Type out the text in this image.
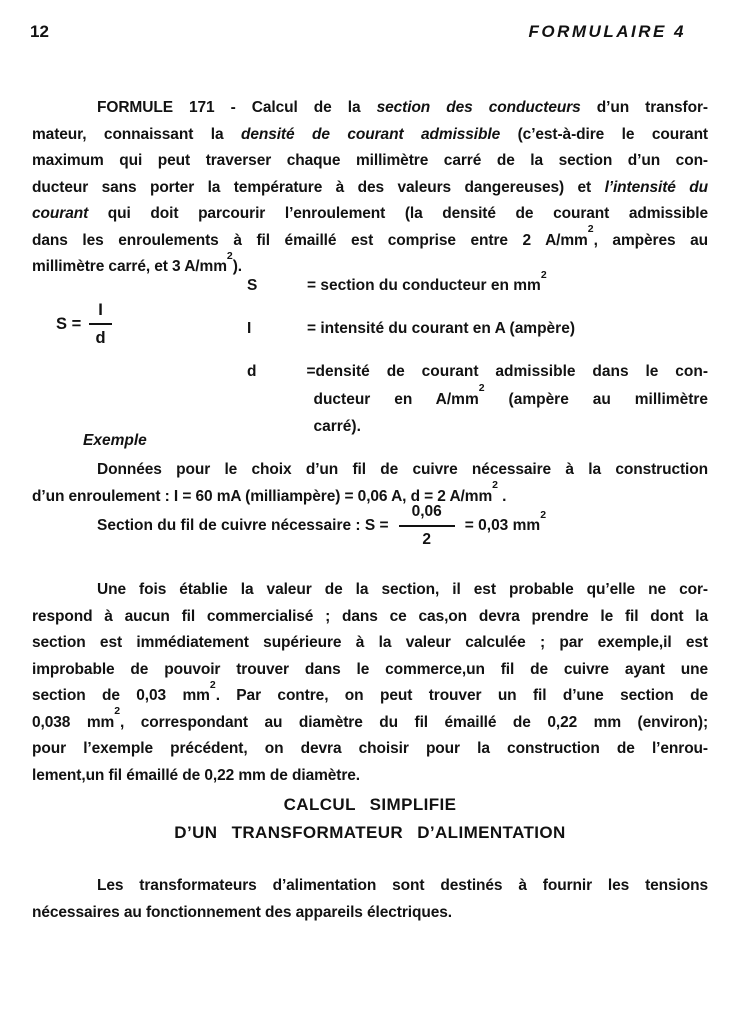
12	FORMULAIRE 4
FORMULE 171 - Calcul de la section des conducteurs d’un transfor-
mateur, connaissant la densité de courant admissible (c’est-à-dire le courant
maximum qui peut traverser chaque millimètre carré de la section d’un con-
ducteur sans porter la température à des valeurs dangereuses) et l’intensité du
courant qui doit parcourir l’enroulement (la densité de courant admissible
dans les enroulements à fil émaillé est comprise entre 2 $A/mm^2$, ampères au
millimètre carré, et 3 $A/mm^2$).
$S = \frac{I}{d}$
S	= section du conducteur en $mm^2$
I	= intensité du courant en A (ampère)
d	=densité de courant admissible dans le con-
ducteur en $A/mm^2$ (ampère au millimètre
carré).
Exemple
Données pour le choix d’un fil de cuivre nécessaire à la construction
d’un enroulement : I = 60 mA (milliampère) = 0,06 A, d = 2 $A/mm^2$ .
Section du fil de cuivre nécessaire : $S = \frac{0,06}{2} = 0,03$ $mm^2$
Une fois établie la valeur de la section, il est probable qu’elle ne cor-
respond à aucun fil commercialisé ; dans ce cas,on devra prendre le fil dont la
section est immédiatement supérieure à la valeur calculée ; par exemple,il est
improbable de pouvoir trouver dans le commerce,un fil de cuivre ayant une
section de 0,03 $mm^2$. Par contre, on peut trouver un fil d’une section de
0,038 $mm^2$, correspondant au diamètre du fil émaillé de 0,22 mm (environ);
pour l’exemple précédent, on devra choisir pour la construction de l’enrou-
lement,un fil émaillé de 0,22 mm de diamètre.
CALCUL SIMPLIFIE
D’UN TRANSFORMATEUR D’ALIMENTATION
Les transformateurs d’alimentation sont destinés à fournir les tensions
nécessaires au fonctionnement des appareils électriques.
